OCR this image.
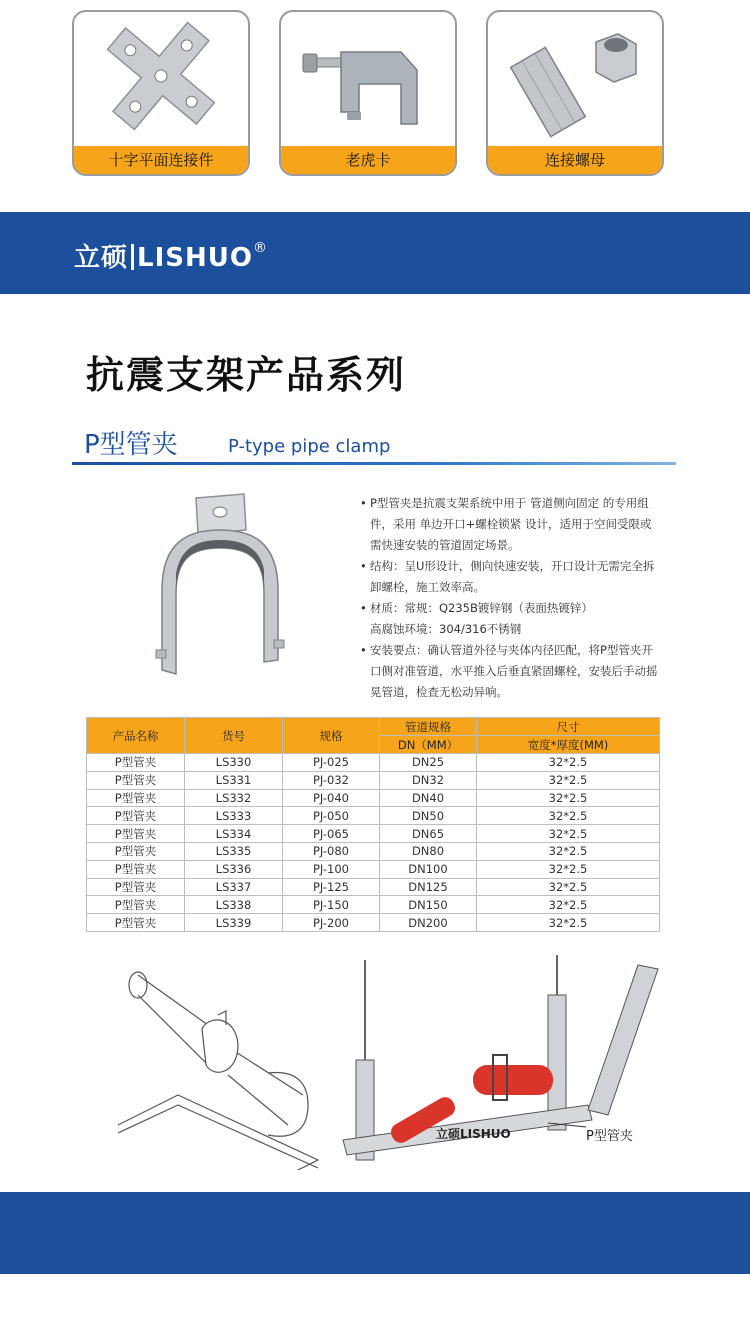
十字平面连接件	老虎卡	连接螺母
立硕 LISHUO®
抗震支架产品系列
P型管夹	P-type pipe clamp
• P型管夹是抗震支架系统中用于 管道侧向固定 的专用组件，采用 单边开口+螺栓锁紧 设计，适用于空间受限或需快速安装的管道固定场景。
• 结构：呈U形设计，侧向快速安装，开口设计无需完全拆卸螺栓，施工效率高。
• 材质：常规：Q235B镀锌钢（表面热镀锌）
高腐蚀环境：304/316不锈钢
• 安装要点：确认管道外径与夹体内径匹配，将P型管夹开口侧对准管道，水平推入后垂直紧固螺栓，安装后手动摇晃管道，检查无松动异响。
产品名称	货号	规格	管道规格	尺寸
			DN（MM）	宽度*厚度(MM)
P型管夹	LS330	PJ-025	DN25	32*2.5
P型管夹	LS331	PJ-032	DN32	32*2.5
P型管夹	LS332	PJ-040	DN40	32*2.5
P型管夹	LS333	PJ-050	DN50	32*2.5
P型管夹	LS334	PJ-065	DN65	32*2.5
P型管夹	LS335	PJ-080	DN80	32*2.5
P型管夹	LS336	PJ-100	DN100	32*2.5
P型管夹	LS337	PJ-125	DN125	32*2.5
P型管夹	LS338	PJ-150	DN150	32*2.5
P型管夹	LS339	PJ-200	DN200	32*2.5
立硕LISHUO	P型管夹
